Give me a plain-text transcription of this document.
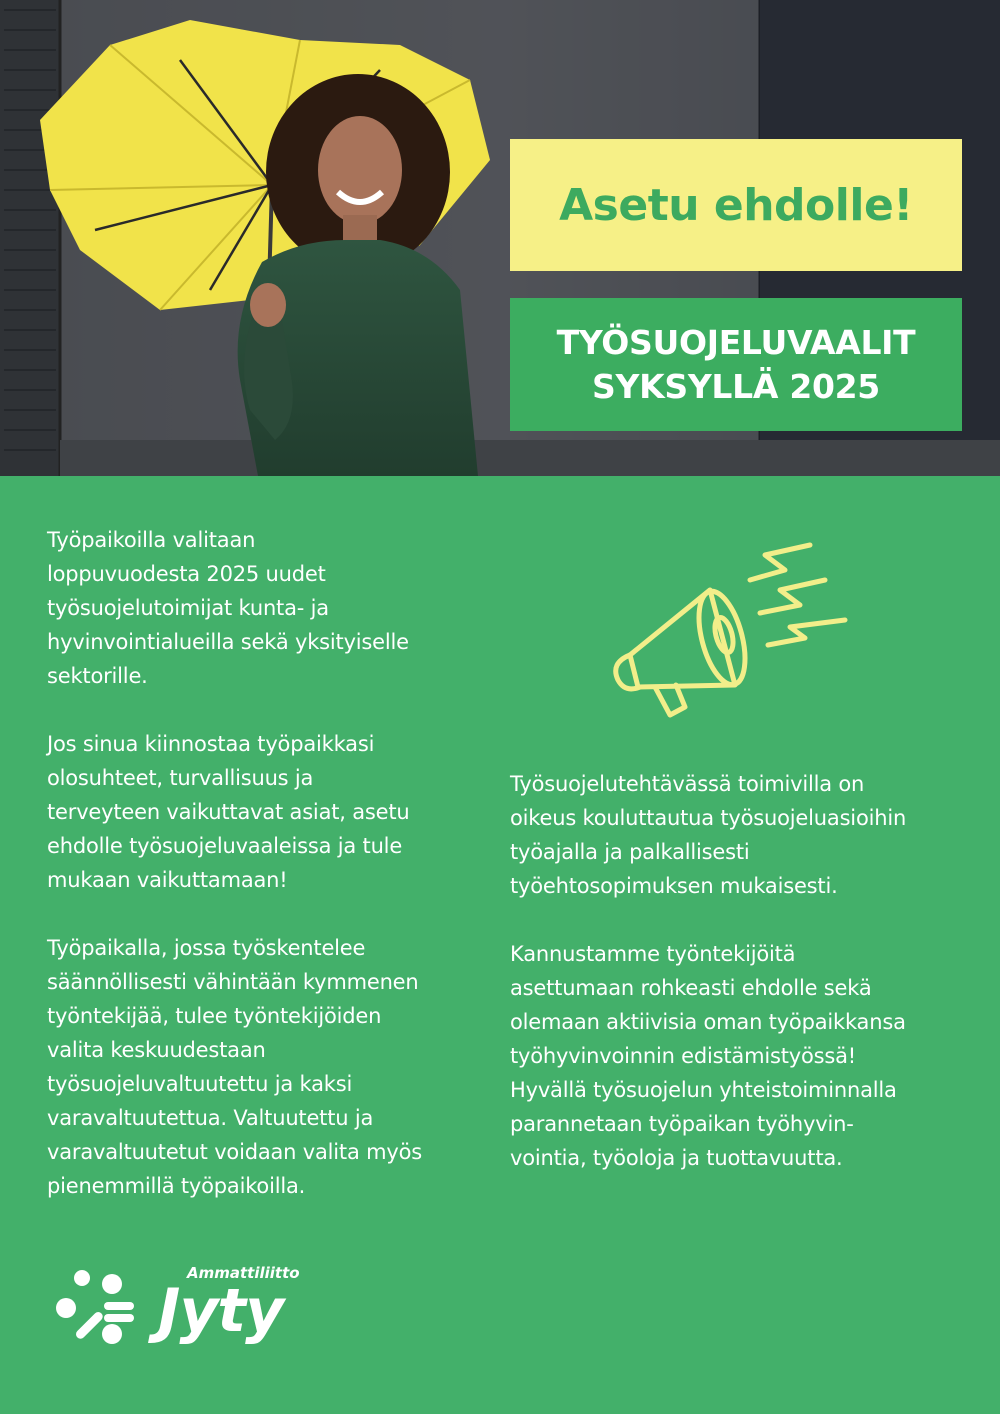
Asetu ehdolle!
TYÖSUOJELUVAALIT
SYKSYLLÄ 2025

Työpaikoilla valitaan
loppuvuodesta 2025 uudet
työsuojelutoimijat kunta- ja
hyvinvointialueilla sekä yksityiselle
sektorille.

Jos sinua kiinnostaa työpaikkasi
olosuhteet, turvallisuus ja
terveyteen vaikuttavat asiat, asetu
ehdolle työsuojeluvaaleissa ja tule
mukaan vaikuttamaan!

Työpaikalla, jossa työskentelee
säännöllisesti vähintään kymmenen
työntekijää, tulee työntekijöiden
valita keskuudestaan
työsuojeluvaltuutettu ja kaksi
varavaltuutettua. Valtuutettu ja
varavaltuutetut voidaan valita myös
pienemmillä työpaikoilla.

Työsuojelutehtävässä toimivilla on
oikeus kouluttautua työsuojeluasioihin
työajalla ja palkallisesti
työehtosopimuksen mukaisesti.

Kannustamme työntekijöitä
asettumaan rohkeasti ehdolle sekä
olemaan aktiivisia oman työpaikkansa
työhyvinvoinnin edistämistyössä!
Hyvällä työsuojelun yhteistoiminnalla
parannetaan työpaikan työhyvin-
vointia, työoloja ja tuottavuutta.

Ammattiliitto
Jyty
